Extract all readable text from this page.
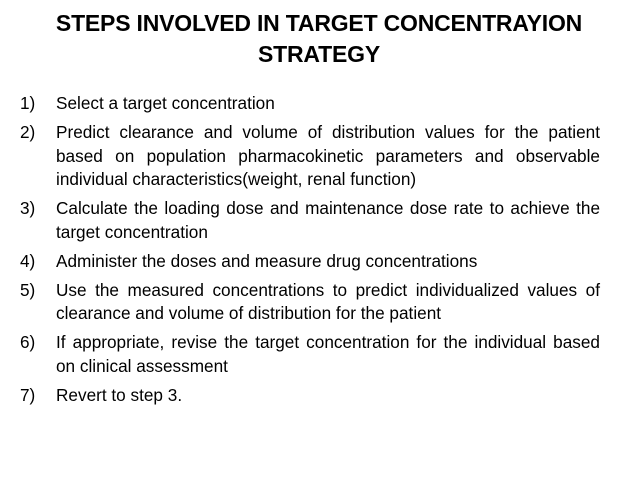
STEPS INVOLVED IN TARGET CONCENTRAYION STRATEGY
1)	Select a target concentration
2)	Predict clearance and volume of distribution values for the patient based on population pharmacokinetic parameters and observable individual characteristics(weight, renal function)
3)	Calculate the loading dose and maintenance dose rate to achieve the target concentration
4)	Administer the doses and measure drug concentrations
5)	Use the measured concentrations to predict individualized values of clearance and volume of distribution for the patient
6)	If appropriate, revise the target concentration for the individual based on clinical assessment
7)	Revert to step 3.
